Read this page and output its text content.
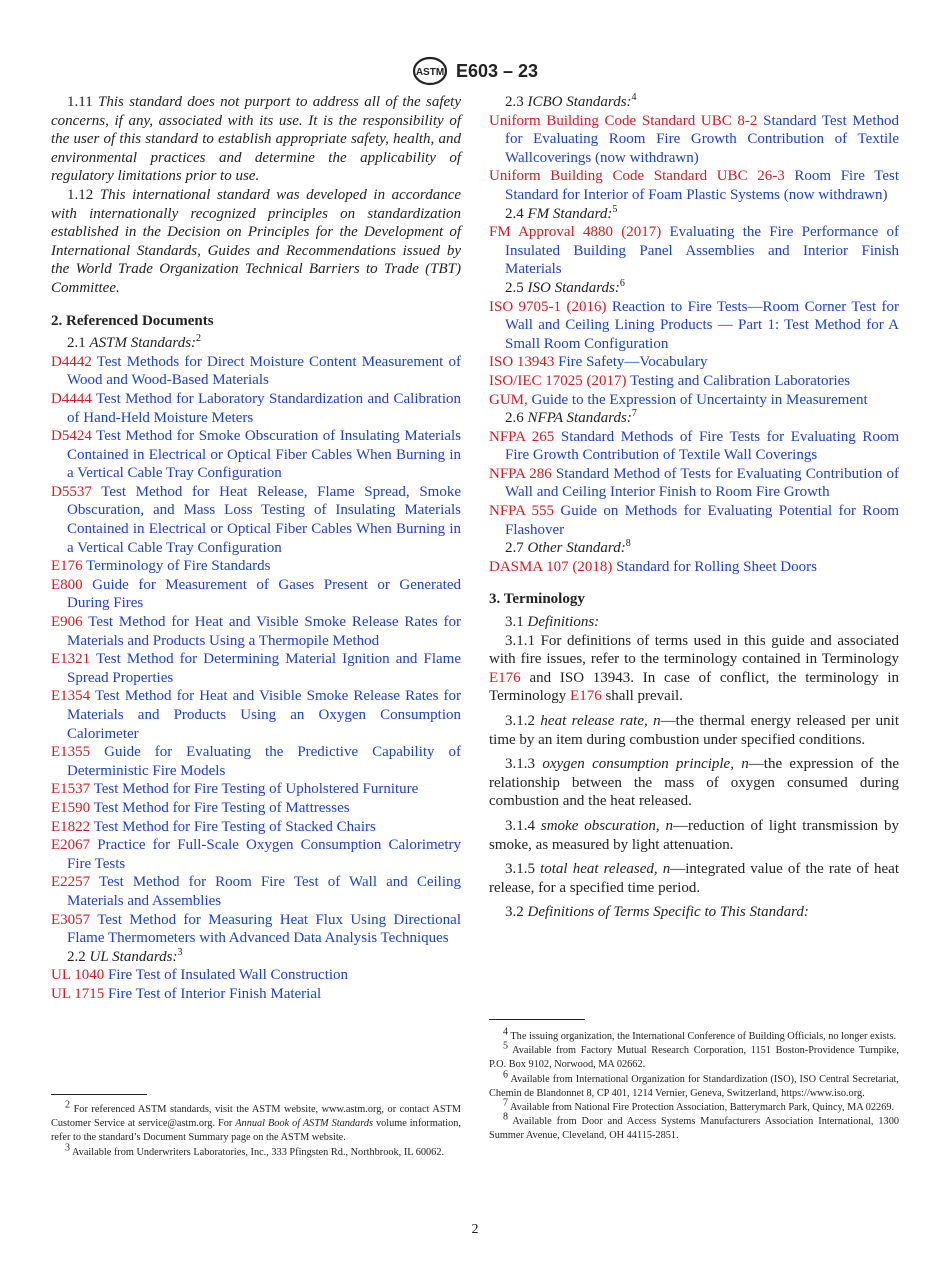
ASTM E603 – 23

1.11 This standard does not purport to address all of the safety concerns, if any, associated with its use. It is the responsibility of the user of this standard to establish appropriate safety, health, and environmental practices and determine the applicability of regulatory limitations prior to use.

1.12 This international standard was developed in accordance with internationally recognized principles on standardization established in the Decision on Principles for the Development of International Standards, Guides and Recommendations issued by the World Trade Organization Technical Barriers to Trade (TBT) Committee.

2. Referenced Documents

2.1 ASTM Standards:$^2$

D4442 Test Methods for Direct Moisture Content Measurement of Wood and Wood-Based Materials

D4444 Test Method for Laboratory Standardization and Calibration of Hand-Held Moisture Meters

D5424 Test Method for Smoke Obscuration of Insulating Materials Contained in Electrical or Optical Fiber Cables When Burning in a Vertical Cable Tray Configuration

D5537 Test Method for Heat Release, Flame Spread, Smoke Obscuration, and Mass Loss Testing of Insulating Materials Contained in Electrical or Optical Fiber Cables When Burning in a Vertical Cable Tray Configuration

E176 Terminology of Fire Standards

E800 Guide for Measurement of Gases Present or Generated During Fires

E906 Test Method for Heat and Visible Smoke Release Rates for Materials and Products Using a Thermopile Method

E1321 Test Method for Determining Material Ignition and Flame Spread Properties

E1354 Test Method for Heat and Visible Smoke Release Rates for Materials and Products Using an Oxygen Consumption Calorimeter

E1355 Guide for Evaluating the Predictive Capability of Deterministic Fire Models

E1537 Test Method for Fire Testing of Upholstered Furniture

E1590 Test Method for Fire Testing of Mattresses

E1822 Test Method for Fire Testing of Stacked Chairs

E2067 Practice for Full-Scale Oxygen Consumption Calorimetry Fire Tests

E2257 Test Method for Room Fire Test of Wall and Ceiling Materials and Assemblies

E3057 Test Method for Measuring Heat Flux Using Directional Flame Thermometers with Advanced Data Analysis Techniques

2.2 UL Standards:$^3$

UL 1040 Fire Test of Insulated Wall Construction

UL 1715 Fire Test of Interior Finish Material

$^2$ For referenced ASTM standards, visit the ASTM website, www.astm.org, or contact ASTM Customer Service at service@astm.org. For Annual Book of ASTM Standards volume information, refer to the standard’s Document Summary page on the ASTM website.

$^3$ Available from Underwriters Laboratories, Inc., 333 Pfingsten Rd., Northbrook, IL 60062.

2.3 ICBO Standards:$^4$

Uniform Building Code Standard UBC 8-2 Standard Test Method for Evaluating Room Fire Growth Contribution of Textile Wallcoverings (now withdrawn)

Uniform Building Code Standard UBC 26-3 Room Fire Test Standard for Interior of Foam Plastic Systems (now withdrawn)

2.4 FM Standard:$^5$

FM Approval 4880 (2017) Evaluating the Fire Performance of Insulated Building Panel Assemblies and Interior Finish Materials

2.5 ISO Standards:$^6$

ISO 9705-1 (2016) Reaction to Fire Tests—Room Corner Test for Wall and Ceiling Lining Products — Part 1: Test Method for A Small Room Configuration

ISO 13943 Fire Safety—Vocabulary

ISO/IEC 17025 (2017) Testing and Calibration Laboratories

GUM, Guide to the Expression of Uncertainty in Measurement

2.6 NFPA Standards:$^7$

NFPA 265 Standard Methods of Fire Tests for Evaluating Room Fire Growth Contribution of Textile Wall Coverings

NFPA 286 Standard Method of Tests for Evaluating Contribution of Wall and Ceiling Interior Finish to Room Fire Growth

NFPA 555 Guide on Methods for Evaluating Potential for Room Flashover

2.7 Other Standard:$^8$

DASMA 107 (2018) Standard for Rolling Sheet Doors

3. Terminology

3.1 Definitions:

3.1.1 For definitions of terms used in this guide and associated with fire issues, refer to the terminology contained in Terminology E176 and ISO 13943. In case of conflict, the terminology in Terminology E176 shall prevail.

3.1.2 heat release rate, n—the thermal energy released per unit time by an item during combustion under specified conditions.

3.1.3 oxygen consumption principle, n—the expression of the relationship between the mass of oxygen consumed during combustion and the heat released.

3.1.4 smoke obscuration, n—reduction of light transmission by smoke, as measured by light attenuation.

3.1.5 total heat released, n—integrated value of the rate of heat release, for a specified time period.

3.2 Definitions of Terms Specific to This Standard:

$^4$ The issuing organization, the International Conference of Building Officials, no longer exists.

$^5$ Available from Factory Mutual Research Corporation, 1151 Boston-Providence Turnpike, P.O. Box 9102, Norwood, MA 02662.

$^6$ Available from International Organization for Standardization (ISO), ISO Central Secretariat, Chemin de Blandonnet 8, CP 401, 1214 Vernier, Geneva, Switzerland, https://www.iso.org.

$^7$ Available from National Fire Protection Association, Batterymarch Park, Quincy, MA 02269.

$^8$ Available from Door and Access Systems Manufacturers Association International, 1300 Summer Avenue, Cleveland, OH 44115-2851.

2
